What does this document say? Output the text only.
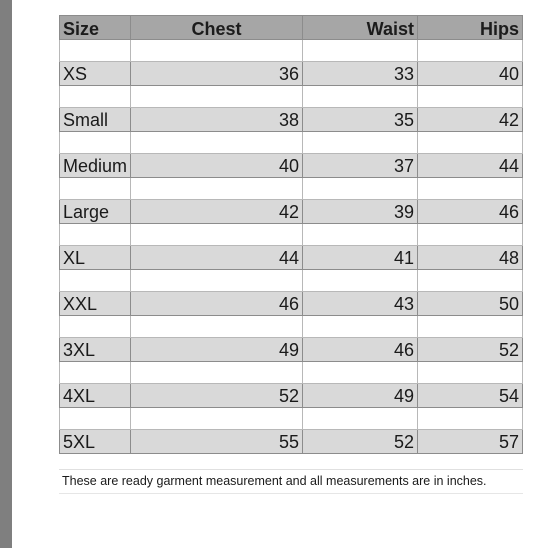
Size	Chest	Waist	Hips
XS	36	33	40
Small	38	35	42
Medium	40	37	44
Large	42	39	46
XL	44	41	48
XXL	46	43	50
3XL	49	46	52
4XL	52	49	54
5XL	55	52	57
These are ready garment measurement and all measurements are in inches.
